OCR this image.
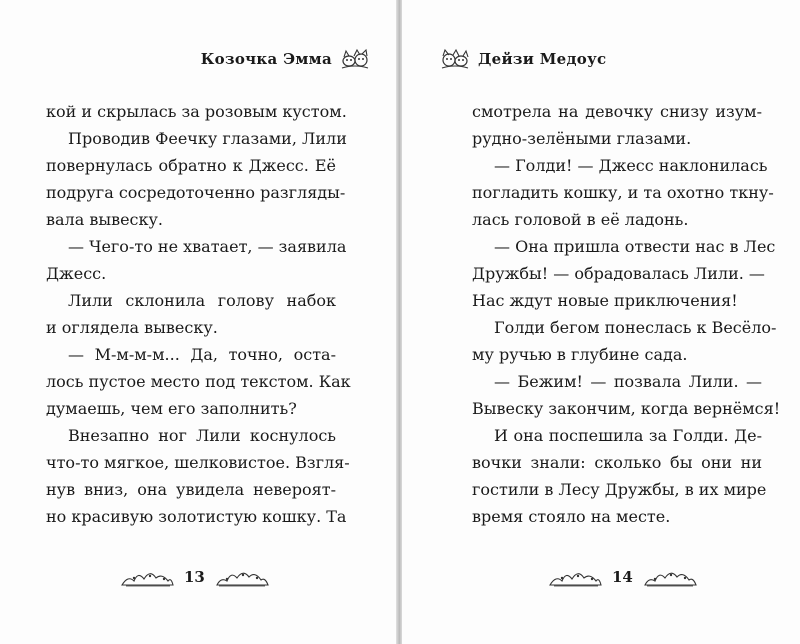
Козочка Эмма
кой и скрылась за розовым кустом.
Проводив Феечку глазами, Лили
повернулась обратно к Джесс. Её
подруга сосредоточенно разгляды-
вала вывеску.
— Чего-то не хватает, — заявила
Джесс.
Лили склонила голову набок
и оглядела вывеску.
— М-м-м-м... Да, точно, оста-
лось пустое место под текстом. Как
думаешь, чем его заполнить?
Внезапно ног Лили коснулось
что-то мягкое, шелковистое. Взгля-
нув вниз, она увидела невероят-
но красивую золотистую кошку. Та
13
Дейзи Медоус
смотрела на девочку снизу изум-
рудно-зелёными глазами.
— Голди! — Джесс наклонилась
погладить кошку, и та охотно ткну-
лась головой в её ладонь.
— Она пришла отвести нас в Лес
Дружбы! — обрадовалась Лили. —
Нас ждут новые приключения!
Голди бегом понеслась к Весёло-
му ручью в глубине сада.
— Бежим! — позвала Лили. —
Вывеску закончим, когда вернёмся!
И она поспешила за Голди. Де-
вочки знали: сколько бы они ни
гостили в Лесу Дружбы, в их мире
время стояло на месте.
14
